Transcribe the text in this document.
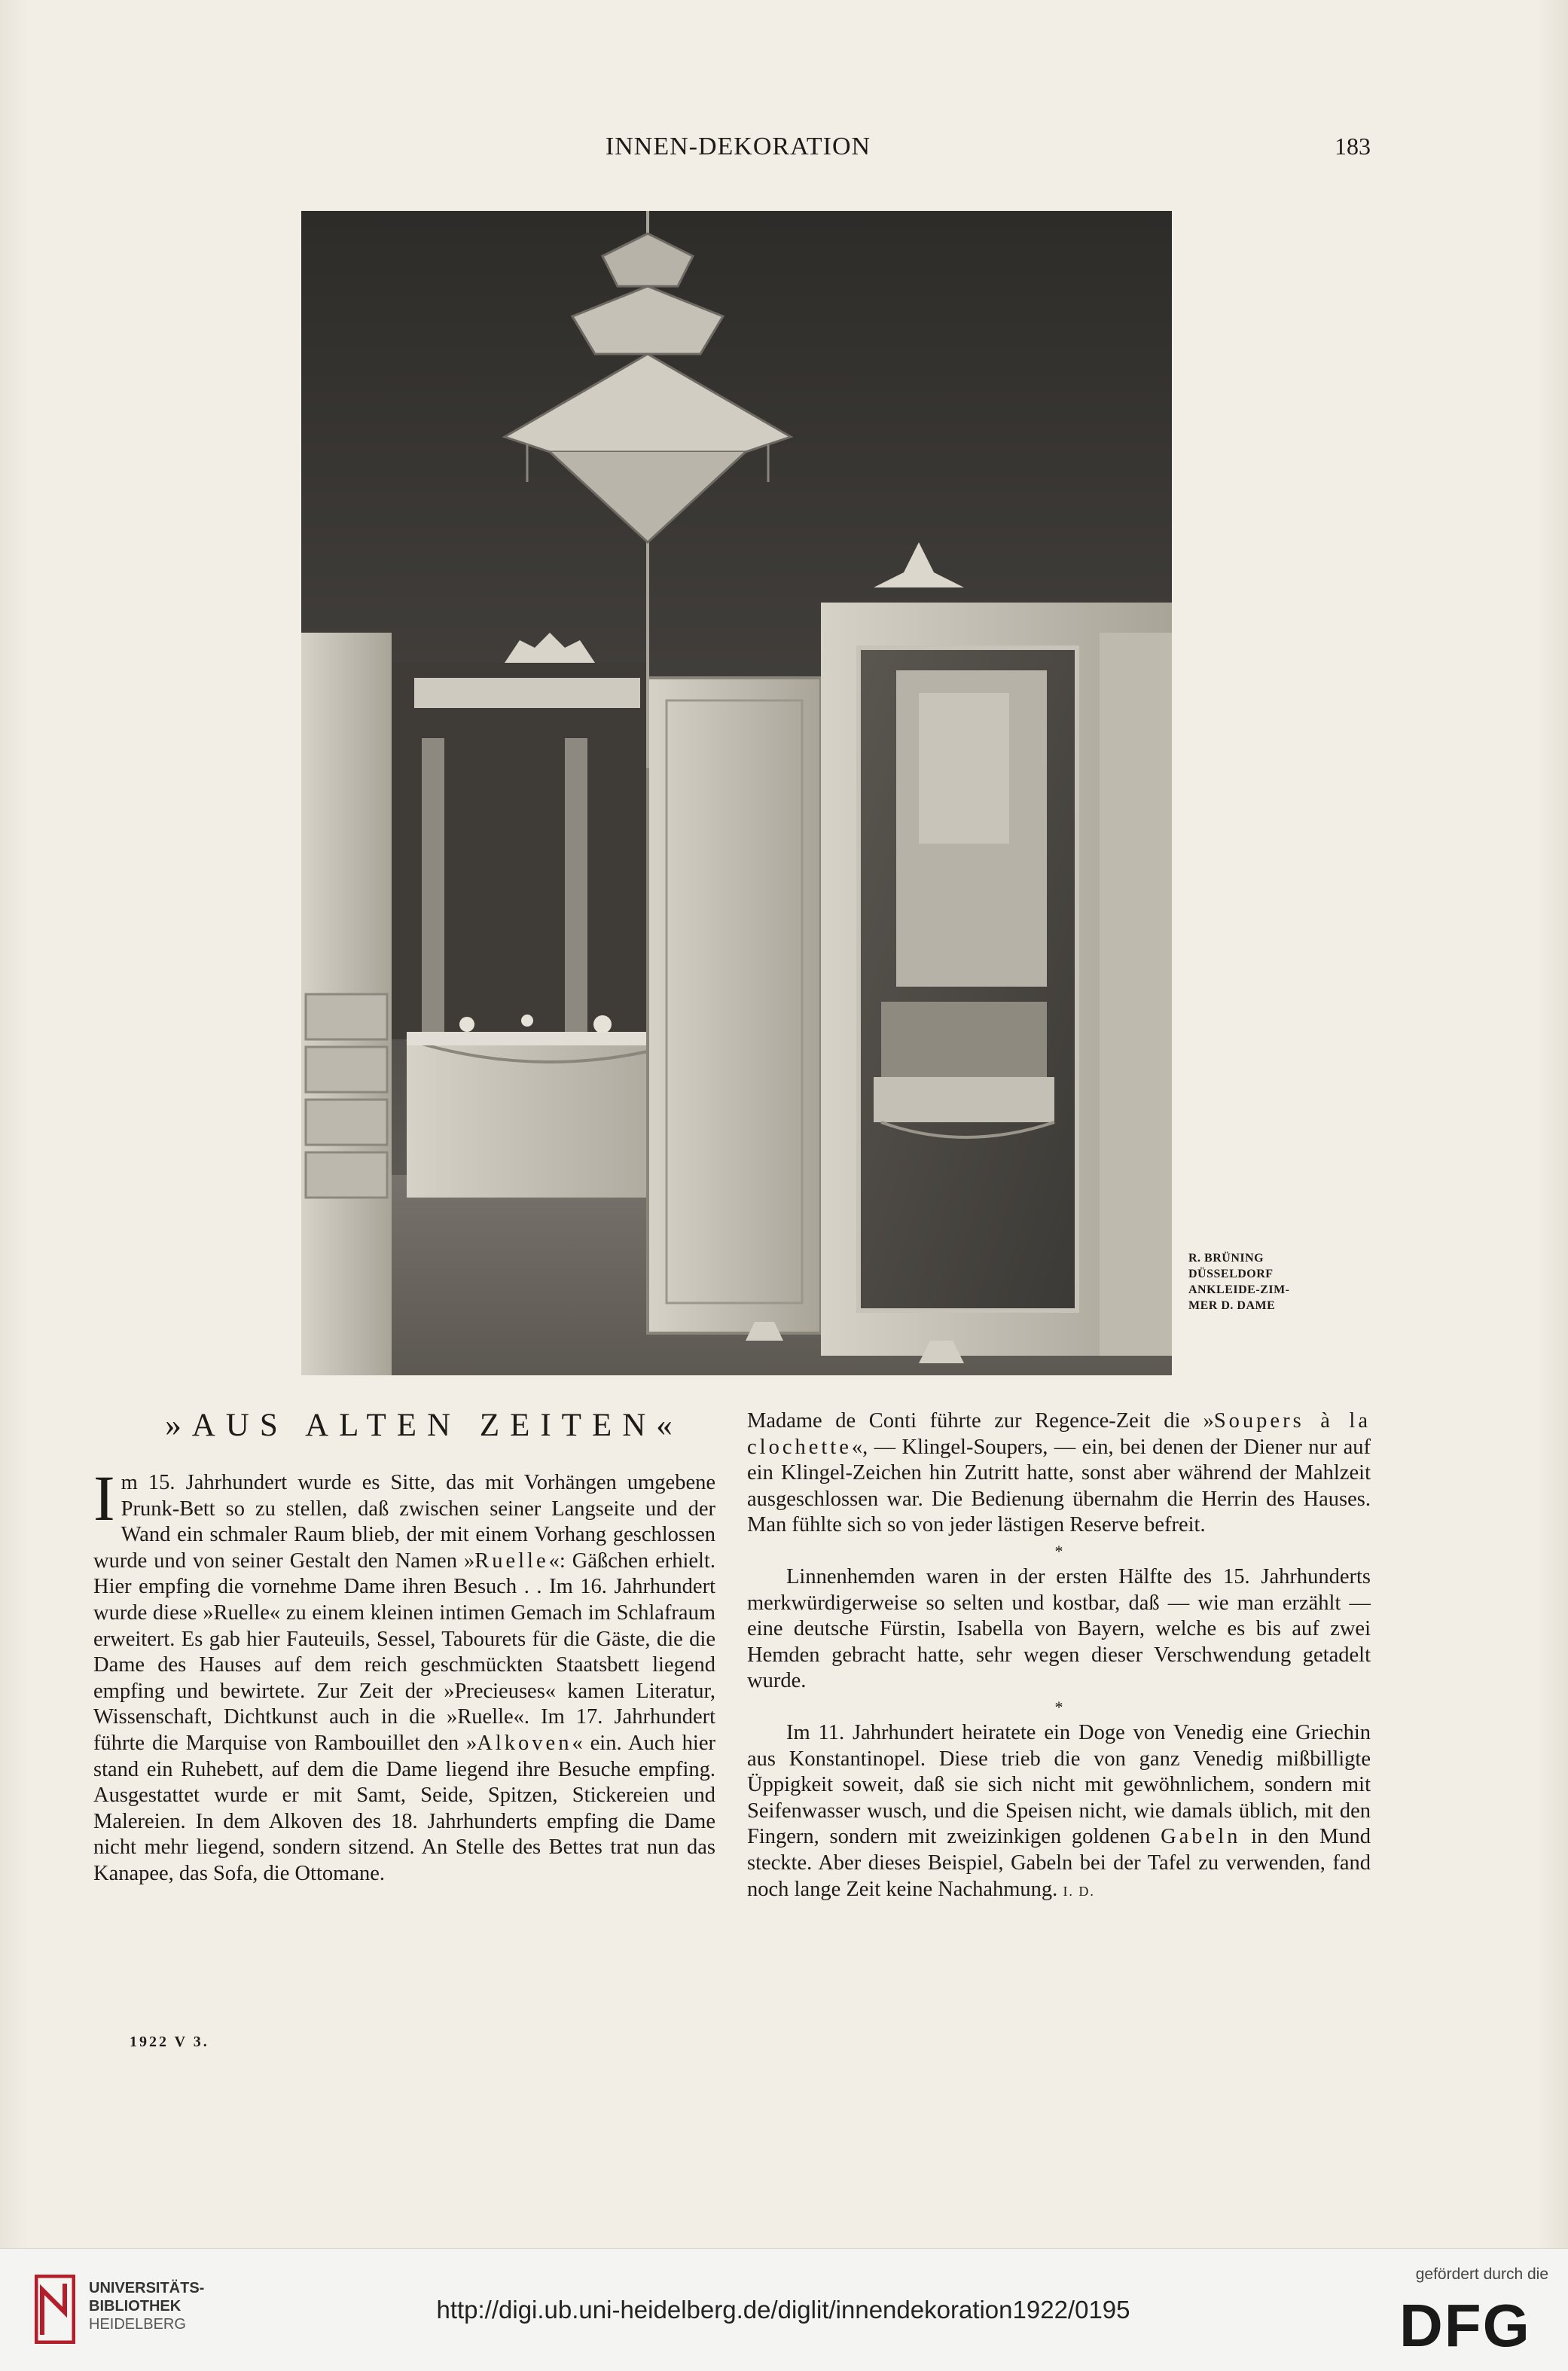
INNEN-DEKORATION	183
R. BRÜNING
DÜSSELDORF
ANKLEIDE-ZIM-
MER D. DAME
»AUS ALTEN ZEITEN«

Im 15. Jahrhundert wurde es Sitte, das mit Vorhängen umgebene Prunk-Bett so zu stellen, daß zwischen seiner Langseite und der Wand ein schmaler Raum blieb, der mit einem Vorhang geschlossen wurde und von seiner Gestalt den Namen »Ruelle«: Gäßchen erhielt. Hier empfing die vornehme Dame ihren Besuch . . Im 16. Jahrhundert wurde diese »Ruelle« zu einem kleinen intimen Gemach im Schlafraum erweitert. Es gab hier Fauteuils, Sessel, Tabourets für die Gäste, die die Dame des Hauses auf dem reich geschmückten Staatsbett liegend empfing und bewirtete. Zur Zeit der »Precieuses« kamen Literatur, Wissenschaft, Dichtkunst auch in die »Ruelle«. Im 17. Jahrhundert führte die Marquise von Rambouillet den »Alkoven« ein. Auch hier stand ein Ruhebett, auf dem die Dame liegend ihre Besuche empfing. Ausgestattet wurde er mit Samt, Seide, Spitzen, Stickereien und Malereien. In dem Alkoven des 18. Jahrhunderts empfing die Dame nicht mehr liegend, sondern sitzend. An Stelle des Bettes trat nun das Kanapee, das Sofa, die Ottomane.

Madame de Conti führte zur Regence-Zeit die »Soupers à la clochette«, — Klingel-Soupers, — ein, bei denen der Diener nur auf ein Klingel-Zeichen hin Zutritt hatte, sonst aber während der Mahlzeit ausgeschlossen war. Die Bedienung übernahm die Herrin des Hauses. Man fühlte sich so von jeder lästigen Reserve befreit.

*

Linnenhemden waren in der ersten Hälfte des 15. Jahrhunderts merkwürdigerweise so selten und kostbar, daß — wie man erzählt — eine deutsche Fürstin, Isabella von Bayern, welche es bis auf zwei Hemden gebracht hatte, sehr wegen dieser Verschwendung getadelt wurde.

*

Im 11. Jahrhundert heiratete ein Doge von Venedig eine Griechin aus Konstantinopel. Diese trieb die von ganz Venedig mißbilligte Üppigkeit soweit, daß sie sich nicht mit gewöhnlichem, sondern mit Seifenwasser wusch, und die Speisen nicht, wie damals üblich, mit den Fingern, sondern mit zweizinkigen goldenen Gabeln in den Mund steckte. Aber dieses Beispiel, Gabeln bei der Tafel zu verwenden, fand noch lange Zeit keine Nachahmung. I. D.

1922 V 3.
UNIVERSITÄTS-
BIBLIOTHEK
HEIDELBERG
http://digi.ub.uni-heidelberg.de/diglit/innendekoration1922/0195
gefördert durch die
DFG
